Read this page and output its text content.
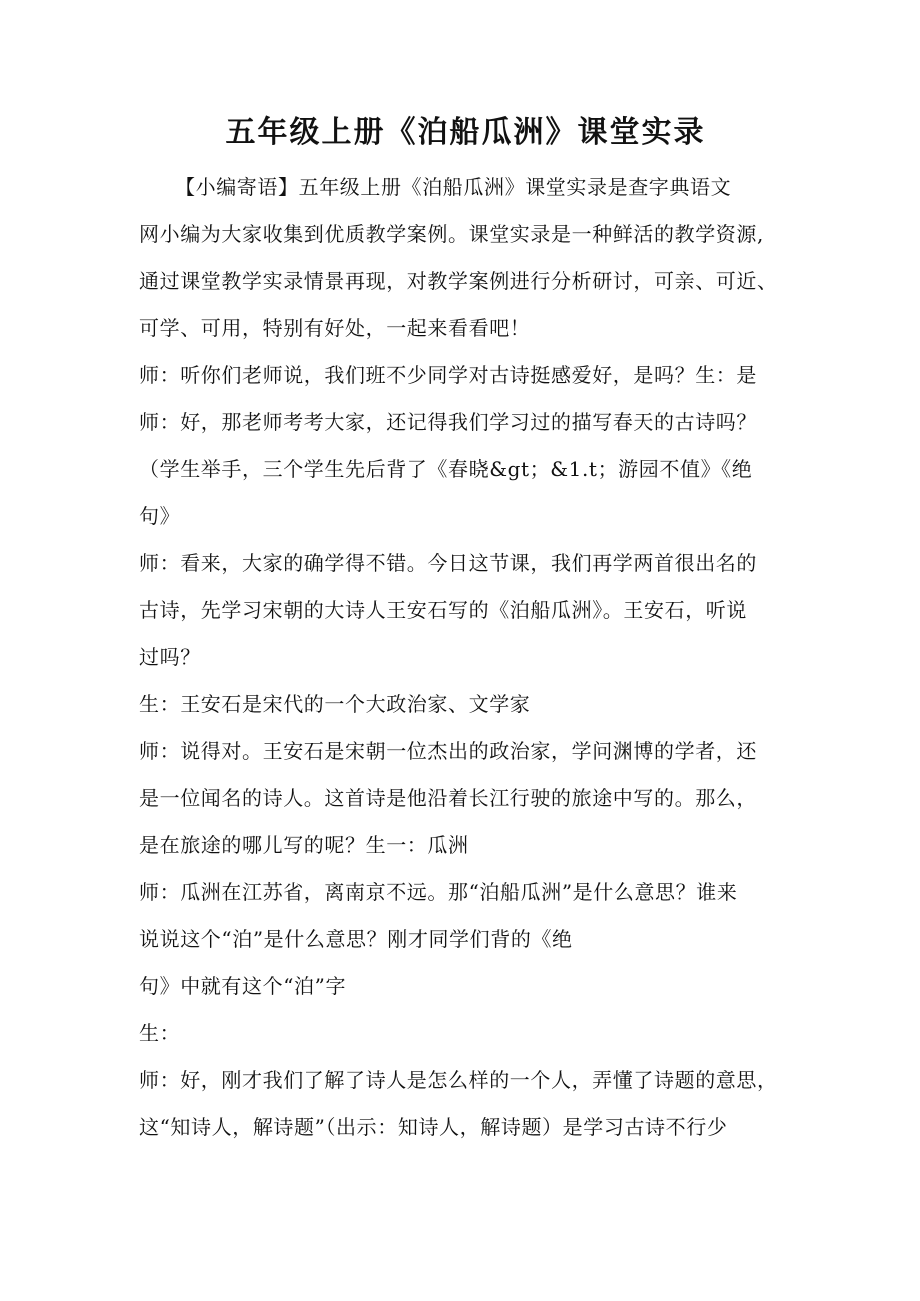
五年级上册《泊船瓜洲》课堂实录
【小编寄语】五年级上册《泊船瓜洲》课堂实录是查字典语文
网小编为大家收集到优质教学案例。课堂实录是一种鲜活的教学资源,
通过课堂教学实录情景再现，对教学案例进行分析研讨，可亲、可近、
可学、可用，特别有好处，一起来看看吧！
师：听你们老师说，我们班不少同学对古诗挺感爱好，是吗？生：是
师：好，那老师考考大家，还记得我们学习过的描写春天的古诗吗？
（学生举手，三个学生先后背了《春晓&gt；&1.t；游园不值》《绝
句》
师：看来，大家的确学得不错。今日这节课，我们再学两首很出名的
古诗，先学习宋朝的大诗人王安石写的《泊船瓜洲》。王安石，听说
过吗？
生：王安石是宋代的一个大政治家、文学家
师：说得对。王安石是宋朝一位杰出的政治家，学问渊博的学者，还
是一位闻名的诗人。这首诗是他沿着长江行驶的旅途中写的。那么，
是在旅途的哪儿写的呢？生一：瓜洲
师：瓜洲在江苏省，离南京不远。那“泊船瓜洲”是什么意思？谁来
说说这个“泊”是什么意思？刚才同学们背的《绝
句》中就有这个“泊”字
生：
师：好，刚才我们了解了诗人是怎么样的一个人，弄懂了诗题的意思，
这“知诗人，解诗题”（出示：知诗人，解诗题）是学习古诗不行少
